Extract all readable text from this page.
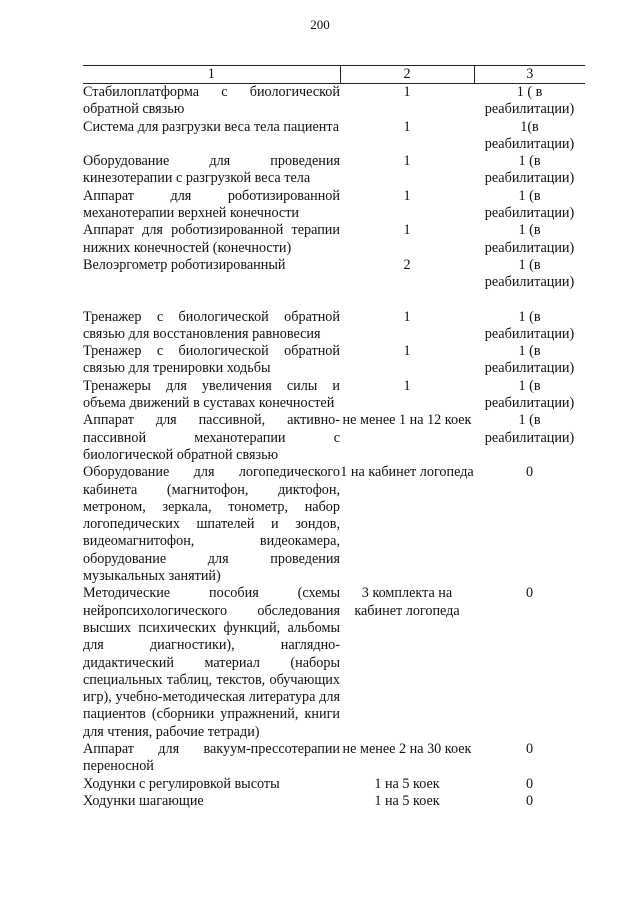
200
1	2	3
Стабилоплатформа с биологической обратной связью	1	1 ( в реабилитации)
Система для разгрузки веса тела пациента	1	1(в реабилитации)
Оборудование для проведения кинезотерапии с разгрузкой веса тела	1	1 (в реабилитации)
Аппарат для роботизированной механотерапии верхней конечности	1	1 (в реабилитации)
Аппарат для роботизированной терапии нижних конечностей (конечности)	1	1 (в реабилитации)
Велоэргометр роботизированный	2	1 (в реабилитации)
Тренажер с биологической обратной связью для восстановления равновесия	1	1 (в реабилитации)
Тренажер с биологической обратной связью для тренировки ходьбы	1	1 (в реабилитации)
Тренажеры для увеличения силы и объема движений в суставах конечностей	1	1 (в реабилитации)
Аппарат для пассивной, активно-пассивной механотерапии с биологической обратной связью	не менее 1 на 12 коек	1 (в реабилитации)
Оборудование для логопедического кабинета (магнитофон, диктофон, метроном, зеркала, тонометр, набор логопедических шпателей и зондов, видеомагнитофон, видеокамера, оборудование для проведения музыкальных занятий)	1 на кабинет логопеда	0
Методические пособия (схемы нейропсихологического обследования высших психических функций, альбомы для диагностики), наглядно-дидактический материал (наборы специальных таблиц, текстов, обучающих игр), учебно-методическая литература для пациентов (сборники упражнений, книги для чтения, рабочие тетради)	3 комплекта на кабинет логопеда	0
Аппарат для вакуум-прессотерапии переносной	не менее 2 на 30 коек	0
Ходунки с регулировкой высоты	1 на 5 коек	0
Ходунки шагающие	1 на 5 коек	0
